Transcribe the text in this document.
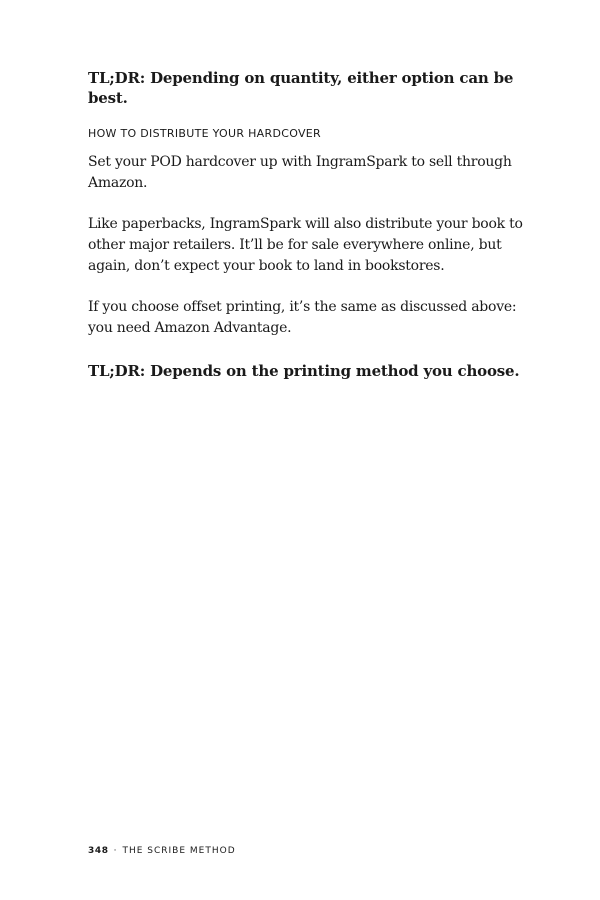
TL;DR: Depending on quantity, either option can be best.

HOW TO DISTRIBUTE YOUR HARDCOVER

Set your POD hardcover up with IngramSpark to sell through Amazon.

Like paperbacks, IngramSpark will also distribute your book to other major retailers. It’ll be for sale everywhere online, but again, don’t expect your book to land in bookstores.

If you choose offset printing, it’s the same as discussed above: you need Amazon Advantage.

TL;DR: Depends on the printing method you choose.

348 · THE SCRIBE METHOD
